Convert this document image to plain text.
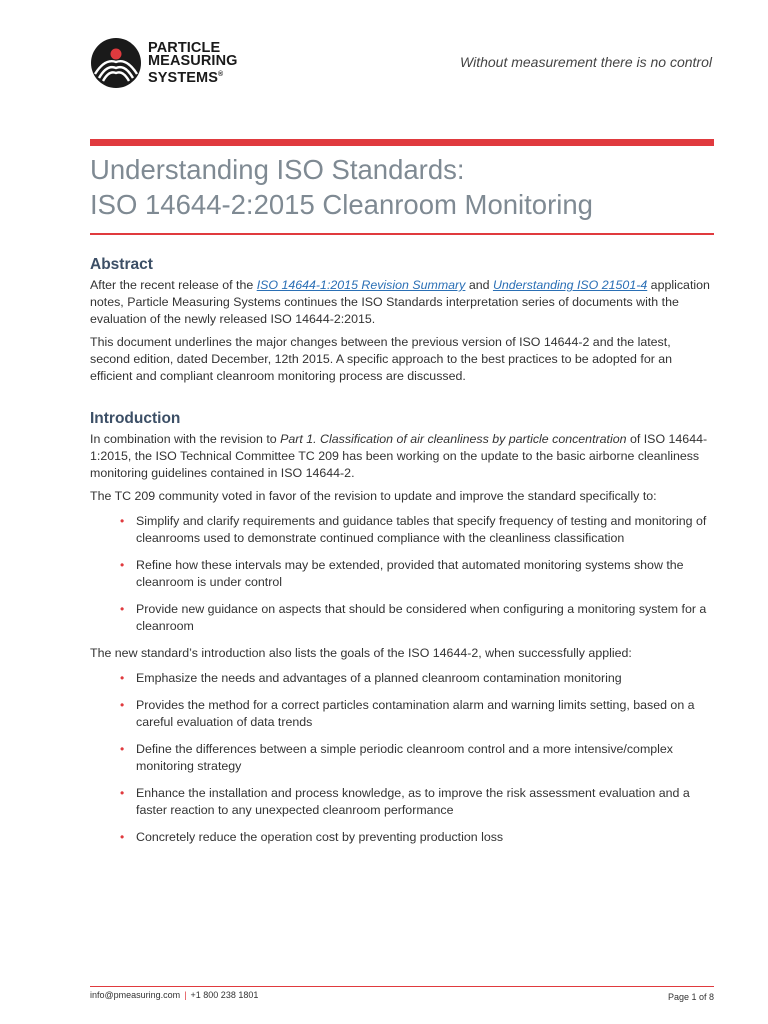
PARTICLE
MEASURING
SYSTEMS®
Without measurement there is no control
Understanding ISO Standards:
ISO 14644-2:2015 Cleanroom Monitoring
Abstract

After the recent release of the ISO 14644-1:2015 Revision Summary and Understanding ISO 21501-4 application notes, Particle Measuring Systems continues the ISO Standards interpretation series of documents with the evaluation of the newly released ISO 14644-2:2015.

This document underlines the major changes between the previous version of ISO 14644-2 and the latest, second edition, dated December, 12th 2015. A specific approach to the best practices to be adopted for an efficient and compliant cleanroom monitoring process are discussed.

Introduction

In combination with the revision to Part 1. Classification of air cleanliness by particle concentration of ISO 14644-1:2015, the ISO Technical Committee TC 209 has been working on the update to the basic airborne cleanliness monitoring guidelines contained in ISO 14644-2.

The TC 209 community voted in favor of the revision to update and improve the standard specifically to:

• Simplify and clarify requirements and guidance tables that specify frequency of testing and monitoring of cleanrooms used to demonstrate continued compliance with the cleanliness classification
• Refine how these intervals may be extended, provided that automated monitoring systems show the cleanroom is under control
• Provide new guidance on aspects that should be considered when configuring a monitoring system for a cleanroom

The new standard’s introduction also lists the goals of the ISO 14644-2, when successfully applied:

• Emphasize the needs and advantages of a planned cleanroom contamination monitoring
• Provides the method for a correct particles contamination alarm and warning limits setting, based on a careful evaluation of data trends
• Define the differences between a simple periodic cleanroom control and a more intensive/complex monitoring strategy
• Enhance the installation and process knowledge, as to improve the risk assessment evaluation and a faster reaction to any unexpected cleanroom performance
• Concretely reduce the operation cost by preventing production loss
info@pmeasuring.com | +1 800 238 1801	Page 1 of 8
